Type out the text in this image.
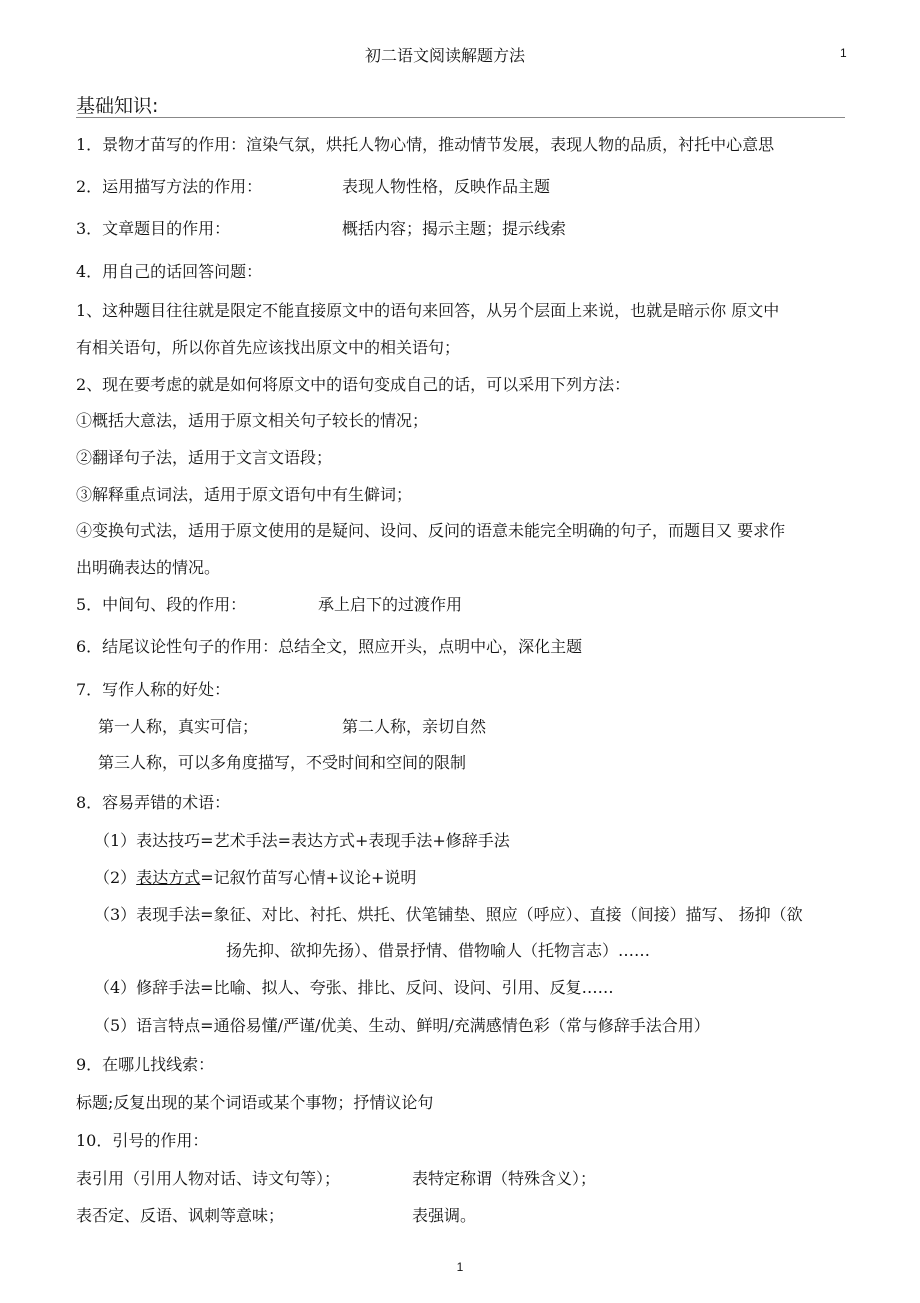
初二语文阅读解题方法	1
基础知识:
1．景物才苗写的作用：渲染气氛，烘托人物心情，推动情节发展，表现人物的品质，衬托中心意思
2．运用描写方法的作用：	表现人物性格，反映作品主题
3．文章题目的作用：	概括内容；揭示主题；提示线索
4．用自己的话回答问题：
1、这种题目往往就是限定不能直接原文中的语句来回答，从另个层面上来说，也就是暗示你 原文中
有相关语句，所以你首先应该找出原文中的相关语句；
2、现在要考虑的就是如何将原文中的语句变成自己的话，可以采用下列方法：
①概括大意法，适用于原文相关句子较长的情况；
②翻译句子法，适用于文言文语段；
③解释重点词法，适用于原文语句中有生僻词；
④变换句式法，适用于原文使用的是疑问、设问、反问的语意未能完全明确的句子，而题目又 要求作
出明确表达的情况。
5．中间句、段的作用：	承上启下的过渡作用
6．结尾议论性句子的作用：总结全文，照应开头，点明中心，深化主题
7．写作人称的好处：
第一人称，真实可信；	第二人称，亲切自然
第三人称，可以多角度描写，不受时间和空间的限制
8．容易弄错的术语：
（1）表达技巧=艺术手法=表达方式+表现手法+修辞手法
（2）表达方式=记叙竹苗写心情+议论+说明
（3）表现手法=象征、对比、衬托、烘托、伏笔铺垫、照应（呼应）、直接（间接）描写、 扬抑（欲
扬先抑、欲抑先扬）、借景抒情、借物喻人（托物言志）……
（4）修辞手法=比喻、拟人、夸张、排比、反问、设问、引用、反复……
（5）语言特点=通俗易懂/严谨/优美、生动、鲜明/充满感情色彩（常与修辞手法合用）
9．在哪儿找线索：
标题;反复出现的某个词语或某个事物；抒情议论句
10．引号的作用：
表引用（引用人物对话、诗文句等）；	表特定称谓（特殊含义）；
表否定、反语、讽刺等意味；	表强调。
1
